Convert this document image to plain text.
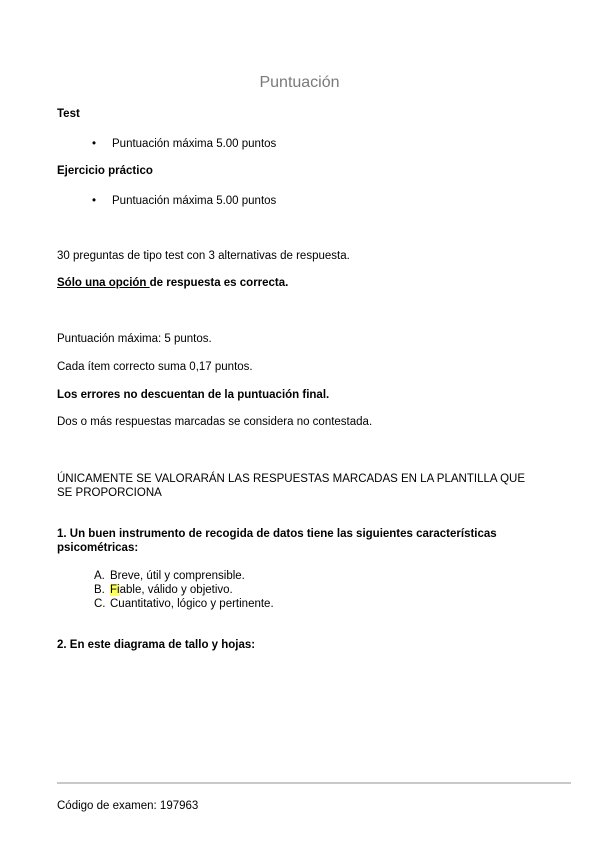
Puntuación
Test
• Puntuación máxima 5.00 puntos
Ejercicio práctico
• Puntuación máxima 5.00 puntos
30 preguntas de tipo test con 3 alternativas de respuesta.
Sólo una opción de respuesta es correcta.
Puntuación máxima: 5 puntos.
Cada ítem correcto suma 0,17 puntos.
Los errores no descuentan de la puntuación final.
Dos o más respuestas marcadas se considera no contestada.
ÚNICAMENTE SE VALORARÁN LAS RESPUESTAS MARCADAS EN LA PLANTILLA QUE
SE PROPORCIONA
1. Un buen instrumento de recogida de datos tiene las siguientes características
psicométricas:
A. Breve, útil y comprensible.
B. Fiable, válido y objetivo.
C. Cuantitativo, lógico y pertinente.
2. En este diagrama de tallo y hojas:
Código de examen: 197963
